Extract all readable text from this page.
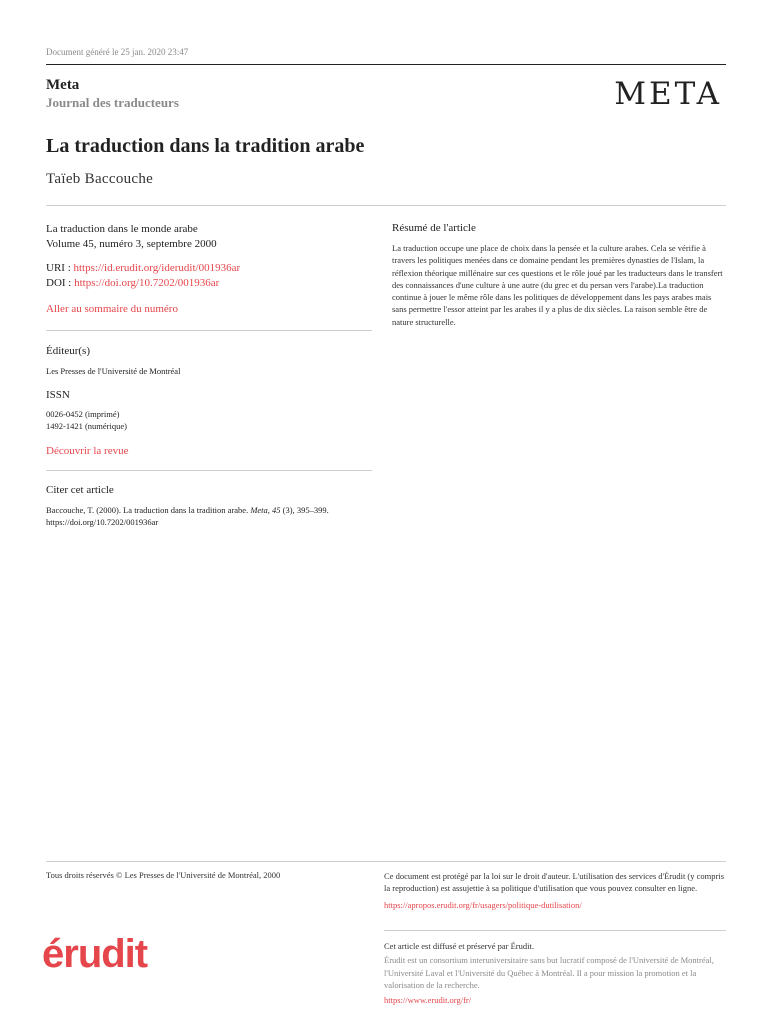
Document généré le 25 jan. 2020 23:47
Meta
Journal des traducteurs	MΕTA
La traduction dans la tradition arabe
Taïeb Baccouche

La traduction dans le monde arabe

Volume 45, numéro 3, septembre 2000

URI : https://id.erudit.org/iderudit/001936ar

DOI : https://doi.org/10.7202/001936ar

Aller au sommaire du numéro

Éditeur(s)

Les Presses de l'Université de Montréal

ISSN

0026-0452 (imprimé)

1492-1421 (numérique)

Découvrir la revue

Citer cet article

Baccouche, T. (2000). La traduction dans la tradition arabe. Meta, 45 (3), 395–399.

https://doi.org/10.7202/001936ar

Résumé de l'article

La traduction occupe une place de choix dans la pensée et la culture arabes. Cela se vérifie à travers les politiques menées dans ce domaine pendant les premières dynasties de l'Islam, la réflexion théorique millénaire sur ces questions et le rôle joué par les traducteurs dans le transfert des connaissances d'une culture à une autre (du grec et du persan vers l'arabe).La traduction continue à jouer le même rôle dans les politiques de développement dans les pays arabes mais sans permettre l'essor atteint par les arabes il y a plus de dix siècles. La raison semble être de nature structurelle.

Tous droits réservés © Les Presses de l'Université de Montréal, 2000	Ce document est protégé par la loi sur le droit d'auteur. L'utilisation des services d'Érudit (y compris la reproduction) est assujettie à sa politique d'utilisation que vous pouvez consulter en ligne.

https://apropos.erudit.org/fr/usagers/politique-dutilisation/

érudit	Cet article est diffusé et préservé par Érudit.

Érudit est un consortium interuniversitaire sans but lucratif composé de l'Université de Montréal, l'Université Laval et l'Université du Québec à Montréal. Il a pour mission la promotion et la valorisation de la recherche.

https://www.erudit.org/fr/
